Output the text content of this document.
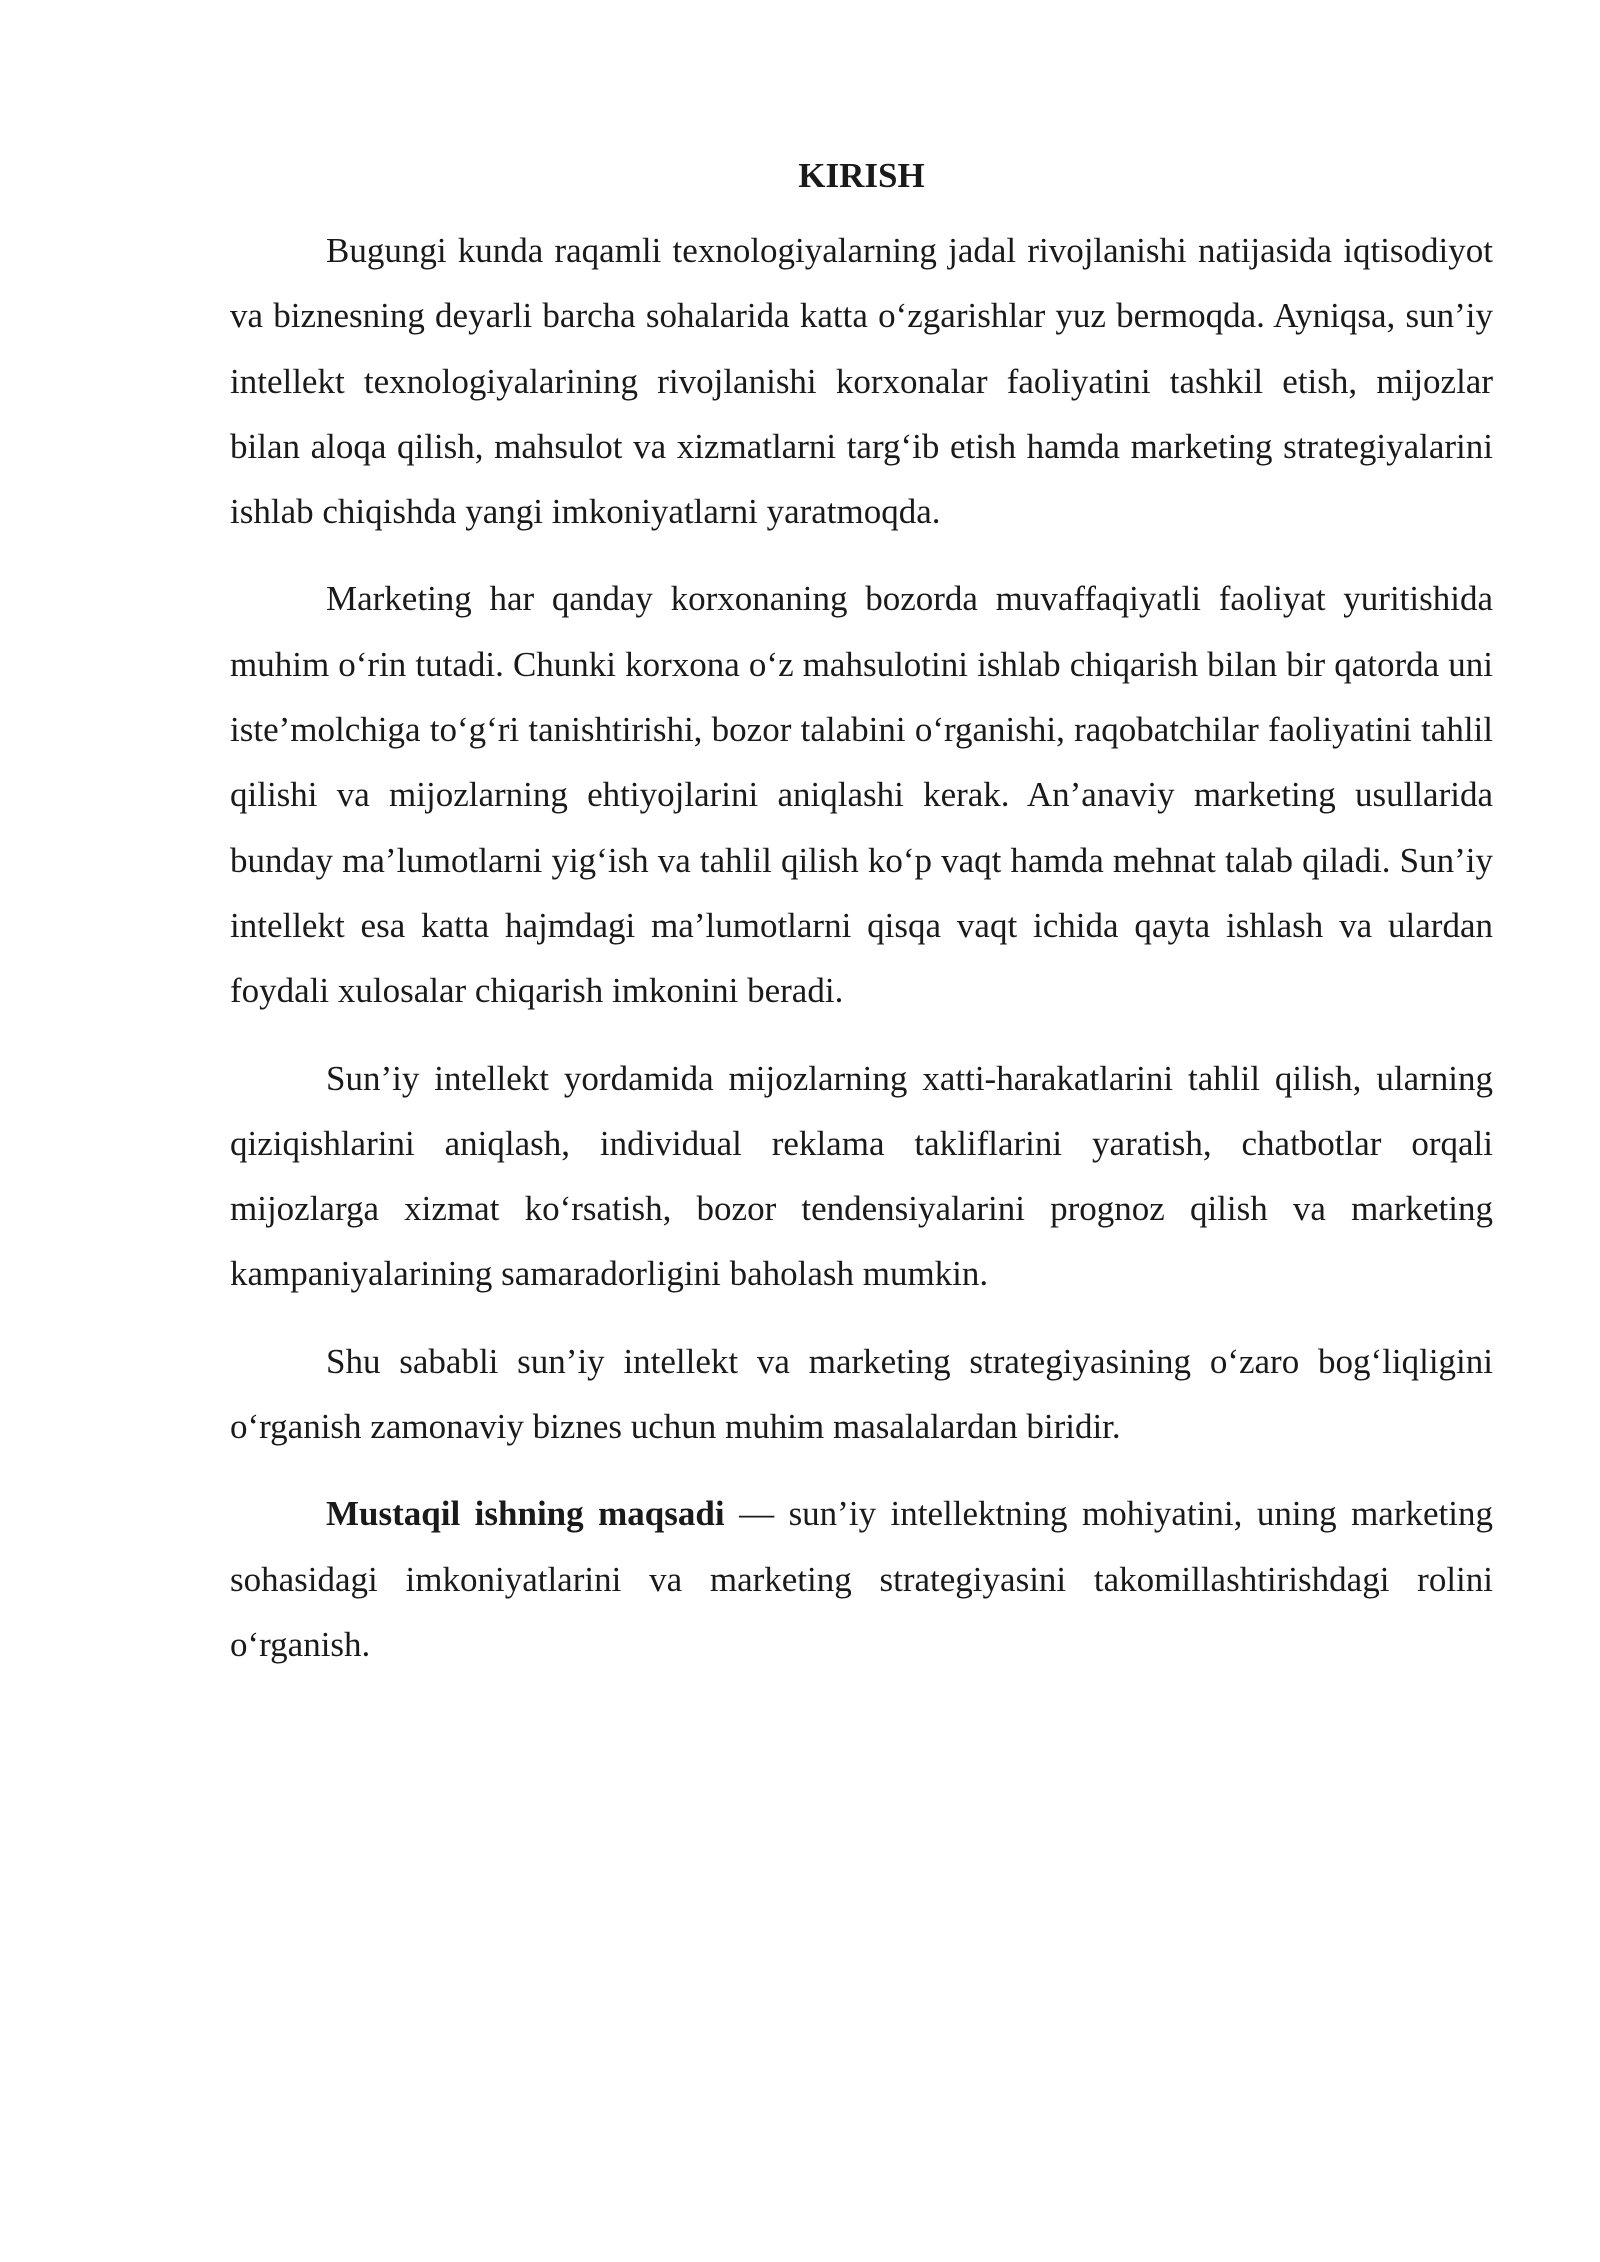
KIRISH

Bugungi kunda raqamli texnologiyalarning jadal rivojlanishi natijasida iqtisodiyot va biznesning deyarli barcha sohalarida katta o‘zgarishlar yuz bermoqda. Ayniqsa, sun’iy intellekt texnologiyalarining rivojlanishi korxonalar faoliyatini tashkil etish, mijozlar bilan aloqa qilish, mahsulot va xizmatlarni targ‘ib etish hamda marketing strategiyalarini ishlab chiqishda yangi imkoniyatlarni yaratmoqda.

Marketing har qanday korxonaning bozorda muvaffaqiyatli faoliyat yuritishida muhim o‘rin tutadi. Chunki korxona o‘z mahsulotini ishlab chiqarish bilan bir qatorda uni iste’molchiga to‘g‘ri tanishtirishi, bozor talabini o‘rganishi, raqobatchilar faoliyatini tahlil qilishi va mijozlarning ehtiyojlarini aniqlashi kerak. An’anaviy marketing usullarida bunday ma’lumotlarni yig‘ish va tahlil qilish ko‘p vaqt hamda mehnat talab qiladi. Sun’iy intellekt esa katta hajmdagi ma’lumotlarni qisqa vaqt ichida qayta ishlash va ulardan foydali xulosalar chiqarish imkonini beradi.

Sun’iy intellekt yordamida mijozlarning xatti-harakatlarini tahlil qilish, ularning qiziqishlarini aniqlash, individual reklama takliflarini yaratish, chatbotlar orqali mijozlarga xizmat ko‘rsatish, bozor tendensiyalarini prognoz qilish va marketing kampaniyalarining samaradorligini baholash mumkin.

Shu sababli sun’iy intellekt va marketing strategiyasining o‘zaro bog‘liqligini o‘rganish zamonaviy biznes uchun muhim masalalardan biridir.

Mustaqil ishning maqsadi — sun’iy intellektning mohiyatini, uning marketing sohasidagi imkoniyatlarini va marketing strategiyasini takomillashtirishdagi rolini o‘rganish.
